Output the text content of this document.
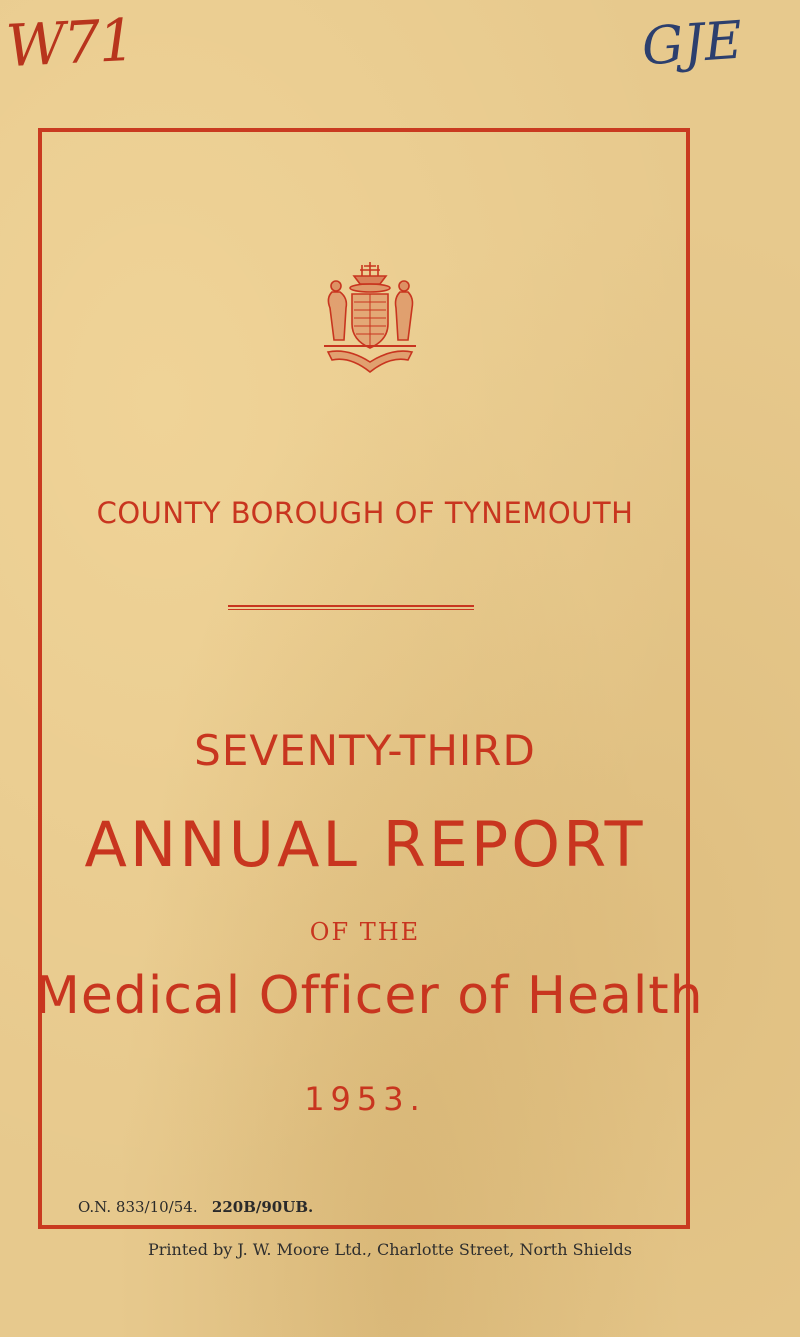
W71	GJE
COUNTY BOROUGH OF TYNEMOUTH
SEVENTY-THIRD
ANNUAL REPORT
OF THE
Medical Officer of Health
1953.
O.N. 833/10/54. 220B/90UB.
Printed by J. W. Moore Ltd., Charlotte Street, North Shields
